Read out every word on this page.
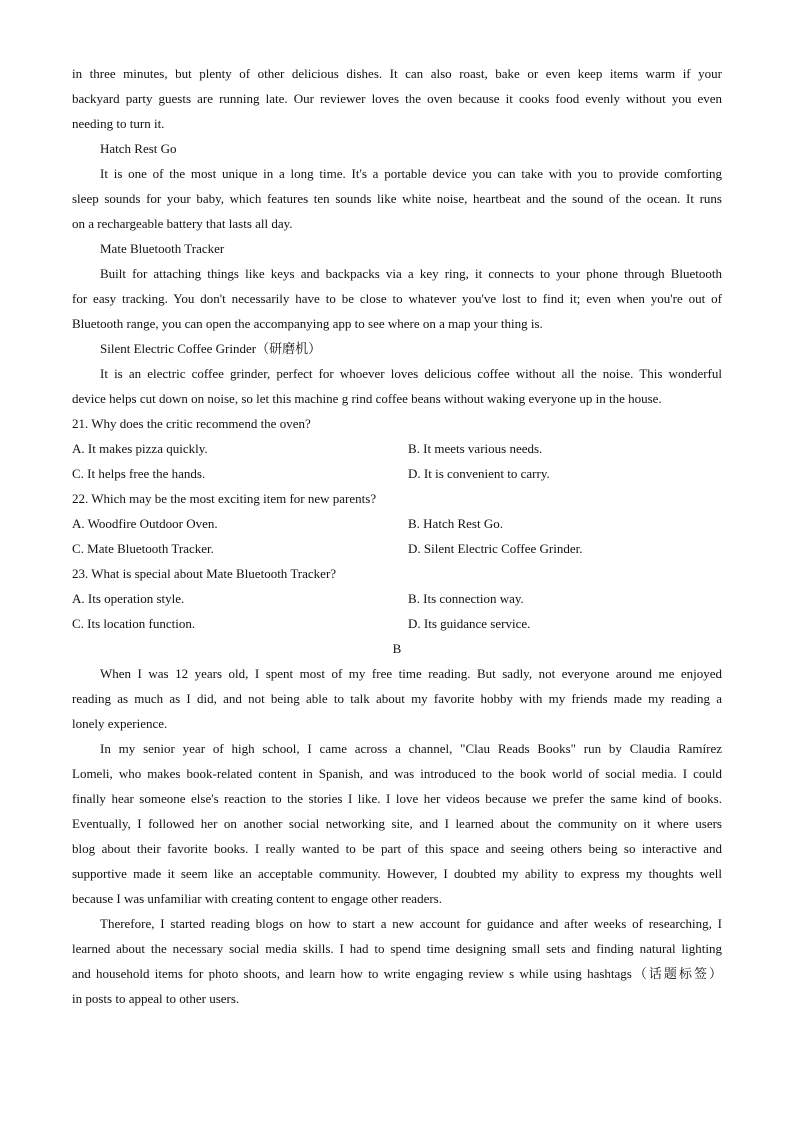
in three minutes, but plenty of other delicious dishes. It can also roast, bake or even keep items warm if your
backyard party guests are running late. Our reviewer loves the oven because it cooks food evenly without you even
needing to turn it.
Hatch Rest Go
It is one of the most unique in a long time. It's a portable device you can take with you to provide comforting
sleep sounds for your baby, which features ten sounds like white noise, heartbeat and the sound of the ocean. It runs
on a rechargeable battery that lasts all day.
Mate Bluetooth Tracker
Built for attaching things like keys and backpacks via a key ring, it connects to your phone through Bluetooth
for easy tracking. You don't necessarily have to be close to whatever you've lost to find it; even when you're out of
Bluetooth range, you can open the accompanying app to see where on a map your thing is.
Silent Electric Coffee Grinder（研磨机）
It is an electric coffee grinder, perfect for whoever loves delicious coffee without all the noise. This wonderful
device helps cut down on noise, so let this machine g rind coffee beans without waking everyone up in the house.
21. Why does the critic recommend the oven?
A. It makes pizza quickly.	B. It meets various needs.
C. It helps free the hands.	D. It is convenient to carry.
22. Which may be the most exciting item for new parents?
A. Woodfire Outdoor Oven.	B. Hatch Rest Go.
C. Mate Bluetooth Tracker.	D. Silent Electric Coffee Grinder.
23. What is special about Mate Bluetooth Tracker?
A. Its operation style.	B. Its connection way.
C. Its location function.	D. Its guidance service.
B
When I was 12 years old, I spent most of my free time reading. But sadly, not everyone around me enjoyed
reading as much as I did, and not being able to talk about my favorite hobby with my friends made my reading a
lonely experience.
In my senior year of high school, I came across a channel, "Clau Reads Books" run by Claudia Ramírez
Lomeli, who makes book-related content in Spanish, and was introduced to the book world of social media. I could
finally hear someone else's reaction to the stories I like. I love her videos because we prefer the same kind of books.
Eventually, I followed her on another social networking site, and I learned about the community on it where users
blog about their favorite books. I really wanted to be part of this space and seeing others being so interactive and
supportive made it seem like an acceptable community. However, I doubted my ability to express my thoughts well
because I was unfamiliar with creating content to engage other readers.
Therefore, I started reading blogs on how to start a new account for guidance and after weeks of researching, I
learned about the necessary social media skills. I had to spend time designing small sets and finding natural lighting
and household items for photo shoots, and learn how to write engaging review s while using hashtags（话题标签）
in posts to appeal to other users.
